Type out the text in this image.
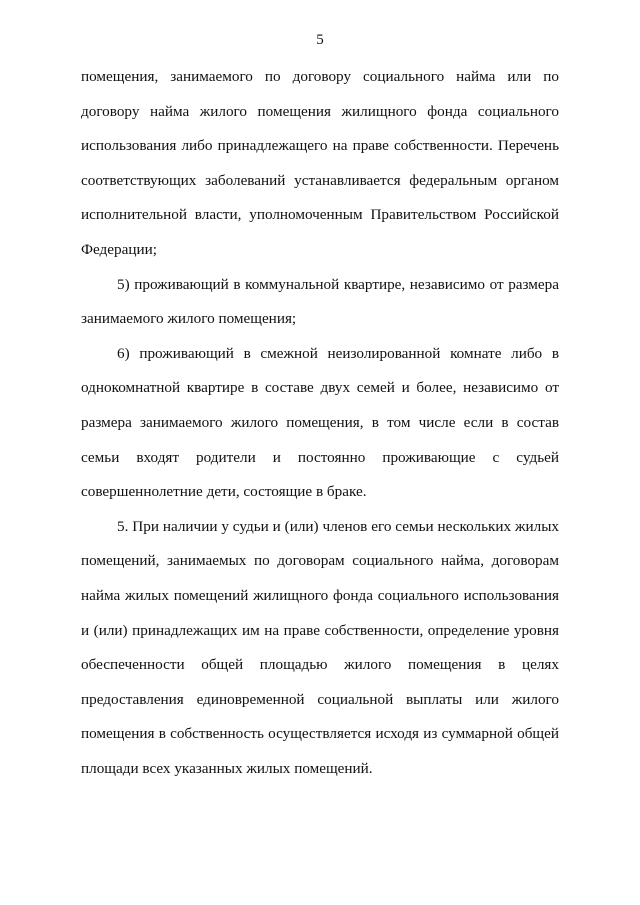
5

помещения, занимаемого по договору социального найма или по договору найма жилого помещения жилищного фонда социального использования либо принадлежащего на праве собственности. Перечень соответствующих заболеваний устанавливается федеральным органом исполнительной власти, уполномоченным Правительством Российской Федерации;

5) проживающий в коммунальной квартире, независимо от размера занимаемого жилого помещения;

6) проживающий в смежной неизолированной комнате либо в однокомнатной квартире в составе двух семей и более, независимо от размера занимаемого жилого помещения, в том числе если в состав семьи входят родители и постоянно проживающие с судьей совершеннолетние дети, состоящие в браке.

5. При наличии у судьи и (или) членов его семьи нескольких жилых помещений, занимаемых по договорам социального найма, договорам найма жилых помещений жилищного фонда социального использования и (или) принадлежащих им на праве собственности, определение уровня обеспеченности общей площадью жилого помещения в целях предоставления единовременной социальной выплаты или жилого помещения в собственность осуществляется исходя из суммарной общей площади всех указанных жилых помещений.
